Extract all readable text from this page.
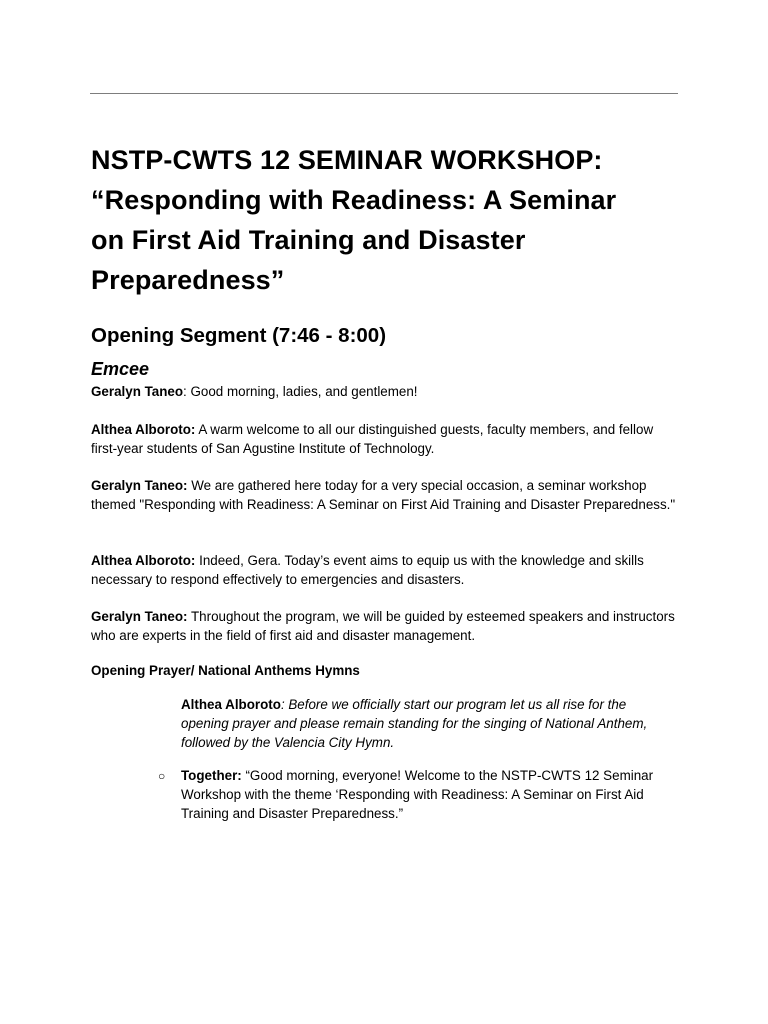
NSTP-CWTS 12 SEMINAR WORKSHOP:
“Responding with Readiness: A Seminar
on First Aid Training and Disaster
Preparedness”
Opening Segment (7:46 - 8:00)
Emcee

Geralyn Taneo: Good morning, ladies, and gentlemen!

Althea Alboroto: A warm welcome to all our distinguished guests, faculty members, and fellow first-year students of San Agustine Institute of Technology.

Geralyn Taneo: We are gathered here today for a very special occasion, a seminar workshop themed "Responding with Readiness: A Seminar on First Aid Training and Disaster Preparedness."

Althea Alboroto: Indeed, Gera. Today’s event aims to equip us with the knowledge and skills necessary to respond effectively to emergencies and disasters.

Geralyn Taneo: Throughout the program, we will be guided by esteemed speakers and instructors who are experts in the field of first aid and disaster management.

Opening Prayer/ National Anthems Hymns

Althea Alboroto: Before we officially start our program let us all rise for the opening prayer and please remain standing for the singing of National Anthem, followed by the Valencia City Hymn.

○ Together: “Good morning, everyone! Welcome to the NSTP-CWTS 12 Seminar Workshop with the theme ‘Responding with Readiness: A Seminar on First Aid Training and Disaster Preparedness.”
